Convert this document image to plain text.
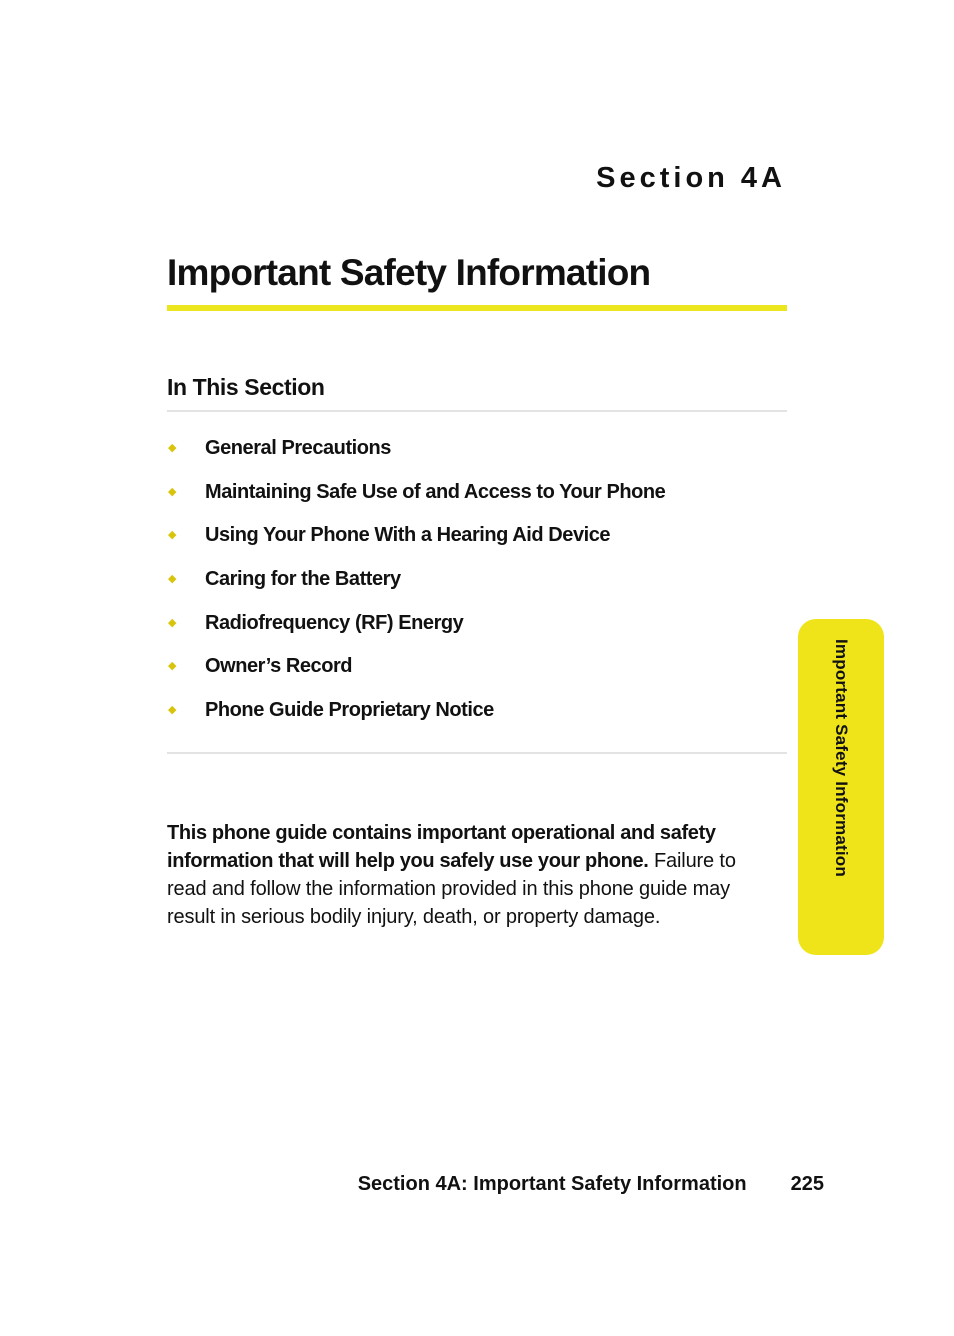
Section 4A
Important Safety Information
In This Section
◆	General Precautions
◆	Maintaining Safe Use of and Access to Your Phone
◆	Using Your Phone With a Hearing Aid Device
◆	Caring for the Battery
◆	Radiofrequency (RF) Energy
◆	Owner’s Record
◆	Phone Guide Proprietary Notice

This phone guide contains important operational and safety information that will help you safely use your phone. Failure to read and follow the information provided in this phone guide may result in serious bodily injury, death, or property damage.

Important Safety Information
Section 4A: Important Safety Information 225
